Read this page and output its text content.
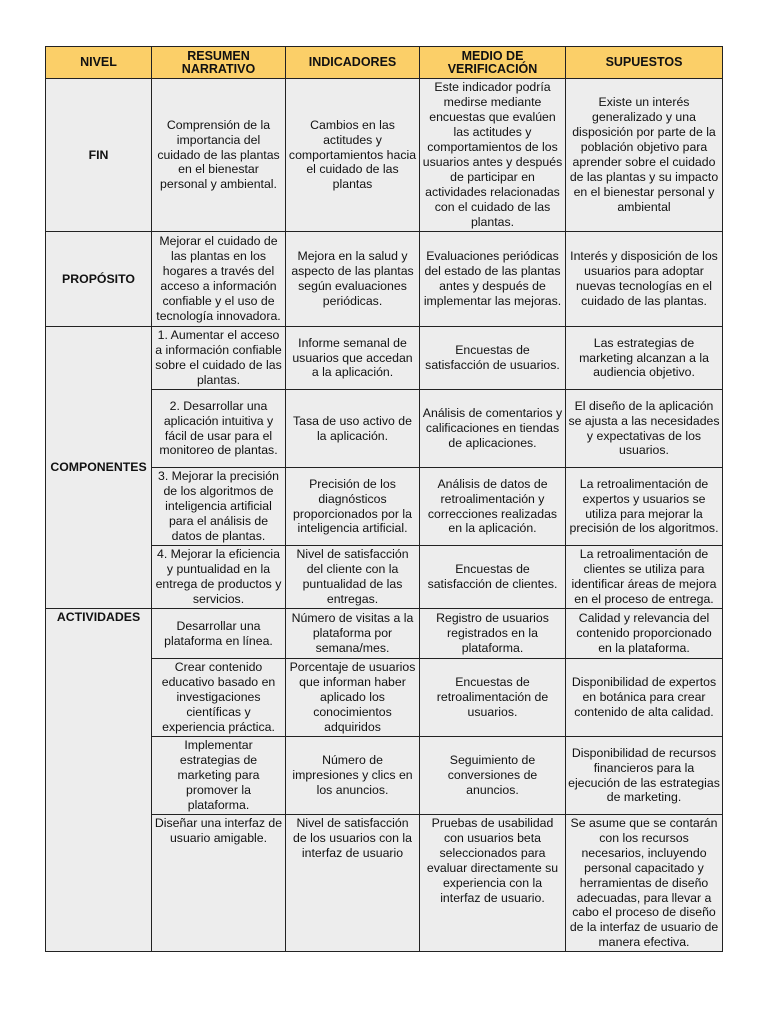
NIVEL	RESUMEN NARRATIVO	INDICADORES	MEDIO DE VERIFICACIÓN	SUPUESTOS
FIN	Comprensión de la importancia del cuidado de las plantas en el bienestar personal y ambiental.	Cambios en las actitudes y comportamientos hacia el cuidado de las plantas	Este indicador podría medirse mediante encuestas que evalúen las actitudes y comportamientos de los usuarios antes y después de participar en actividades relacionadas con el cuidado de las plantas.	Existe un interés generalizado y una disposición por parte de la población objetivo para aprender sobre el cuidado de las plantas y su impacto en el bienestar personal y ambiental
PROPÓSITO	Mejorar el cuidado de las plantas en los hogares a través del acceso a información confiable y el uso de tecnología innovadora.	Mejora en la salud y aspecto de las plantas según evaluaciones periódicas.	Evaluaciones periódicas del estado de las plantas antes y después de implementar las mejoras.	Interés y disposición de los usuarios para adoptar nuevas tecnologías en el cuidado de las plantas.
COMPONENTES	1. Aumentar el acceso a información confiable sobre el cuidado de las plantas.	Informe semanal de usuarios que accedan a la aplicación.	Encuestas de satisfacción de usuarios.	Las estrategias de marketing alcanzan a la audiencia objetivo.
	2. Desarrollar una aplicación intuitiva y fácil de usar para el monitoreo de plantas.	Tasa de uso activo de la aplicación.	Análisis de comentarios y calificaciones en tiendas de aplicaciones.	El diseño de la aplicación se ajusta a las necesidades y expectativas de los usuarios.
	3. Mejorar la precisión de los algoritmos de inteligencia artificial para el análisis de datos de plantas.	Precisión de los diagnósticos proporcionados por la inteligencia artificial.	Análisis de datos de retroalimentación y correcciones realizadas en la aplicación.	La retroalimentación de expertos y usuarios se utiliza para mejorar la precisión de los algoritmos.
	4. Mejorar la eficiencia y puntualidad en la entrega de productos y servicios.	Nivel de satisfacción del cliente con la puntualidad de las entregas.	Encuestas de satisfacción de clientes.	La retroalimentación de clientes se utiliza para identificar áreas de mejora en el proceso de entrega.
ACTIVIDADES	Desarrollar una plataforma en línea.	Número de visitas a la plataforma por semana/mes.	Registro de usuarios registrados en la plataforma.	Calidad y relevancia del contenido proporcionado en la plataforma.
	Crear contenido educativo basado en investigaciones científicas y experiencia práctica.	Porcentaje de usuarios que informan haber aplicado los conocimientos adquiridos	Encuestas de retroalimentación de usuarios.	Disponibilidad de expertos en botánica para crear contenido de alta calidad.
	Implementar estrategias de marketing para promover la plataforma.	Número de impresiones y clics en los anuncios.	Seguimiento de conversiones de anuncios.	Disponibilidad de recursos financieros para la ejecución de las estrategias de marketing.
	Diseñar una interfaz de usuario amigable.	Nivel de satisfacción de los usuarios con la interfaz de usuario	Pruebas de usabilidad con usuarios beta seleccionados para evaluar directamente su experiencia con la interfaz de usuario.	Se asume que se contarán con los recursos necesarios, incluyendo personal capacitado y herramientas de diseño adecuadas, para llevar a cabo el proceso de diseño de la interfaz de usuario de manera efectiva.
